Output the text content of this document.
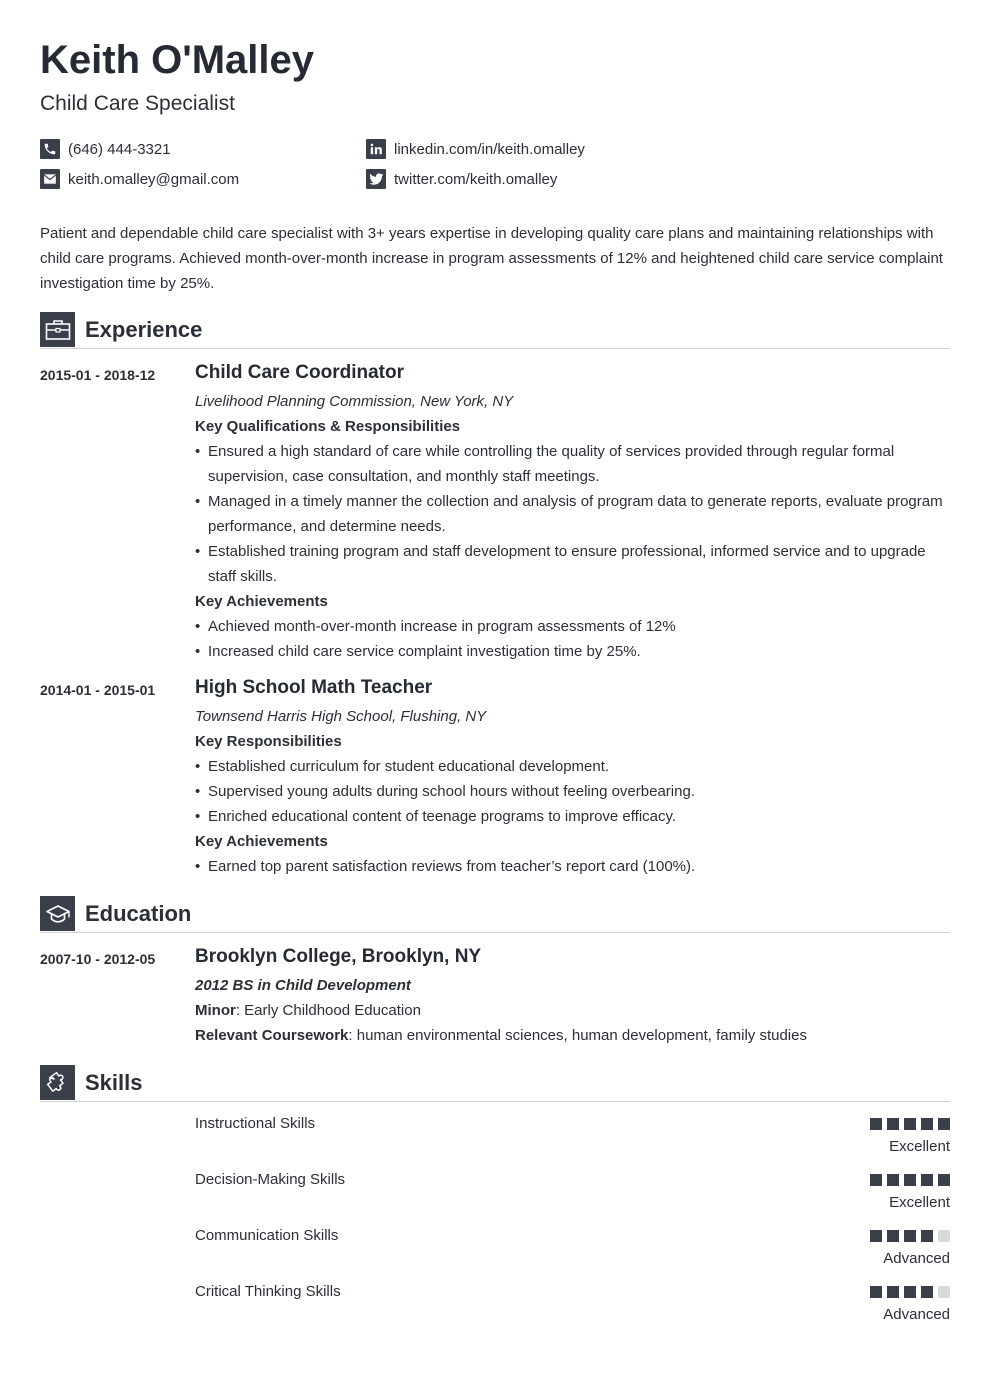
Keith O'Malley
Child Care Specialist
(646) 444-3321
keith.omalley@gmail.com
linkedin.com/in/keith.omalley
twitter.com/keith.omalley
Patient and dependable child care specialist with 3+ years expertise in developing quality care plans and maintaining relationships with child care programs. Achieved month-over-month increase in program assessments of 12% and heightened child care service complaint investigation time by 25%.
Experience
2015-01 - 2018-12 Child Care Coordinator
Livelihood Planning Commission, New York, NY
Key Qualifications & Responsibilities
• Ensured a high standard of care while controlling the quality of services provided through regular formal supervision, case consultation, and monthly staff meetings.
• Managed in a timely manner the collection and analysis of program data to generate reports, evaluate program performance, and determine needs.
• Established training program and staff development to ensure professional, informed service and to upgrade staff skills.
Key Achievements
• Achieved month-over-month increase in program assessments of 12%
• Increased child care service complaint investigation time by 25%.
2014-01 - 2015-01 High School Math Teacher
Townsend Harris High School, Flushing, NY
Key Responsibilities
• Established curriculum for student educational development.
• Supervised young adults during school hours without feeling overbearing.
• Enriched educational content of teenage programs to improve efficacy.
Key Achievements
• Earned top parent satisfaction reviews from teacher’s report card (100%).
Education
2007-10 - 2012-05 Brooklyn College, Brooklyn, NY
2012 BS in Child Development
Minor: Early Childhood Education
Relevant Coursework: human environmental sciences, human development, family studies
Skills
Instructional Skills
Excellent
Decision-Making Skills
Excellent
Communication Skills
Advanced
Critical Thinking Skills
Advanced
